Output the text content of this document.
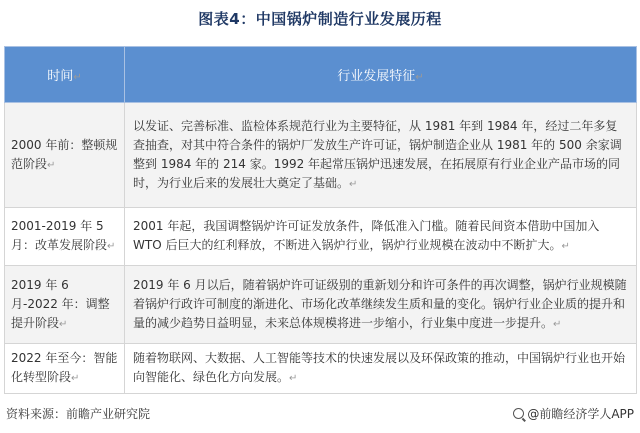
图表4：中国锅炉制造行业发展历程
时间↵	行业发展特征↵
2000 年前：整顿规范阶段↵	以发证、完善标准、监检体系规范行业为主要特征，从 1981 年到 1984 年，经过二年多复查抽查，对其中符合条件的锅炉厂发放生产许可证，锅炉制造企业从 1981 年的 500 余家调整到 1984 年的 214 家。1992 年起常压锅炉迅速发展，在拓展原有行业企业产品市场的同时，为行业后来的发展壮大奠定了基础。↵
2001-2019 年 5 月：改革发展阶段↵	2001 年起，我国调整锅炉许可证发放条件，降低准入门槛。随着民间资本借助中国加入 WTO 后巨大的红利释放，不断进入锅炉行业，锅炉行业规模在波动中不断扩大。↵
2019 年 6 月-2022 年：调整提升阶段↵	2019 年 6 月以后，随着锅炉许可证级别的重新划分和许可条件的再次调整，锅炉行业规模随着锅炉行政许可制度的渐进化、市场化改革继续发生质和量的变化。锅炉行业企业质的提升和量的减少趋势日益明显，未来总体规模将进一步缩小，行业集中度进一步提升。↵
2022 年至今：智能化转型阶段↵	随着物联网、大数据、人工智能等技术的快速发展以及环保政策的推动，中国锅炉行业也开始向智能化、绿色化方向发展。↵
资料来源：前瞻产业研究院	@前瞻经济学人APP
